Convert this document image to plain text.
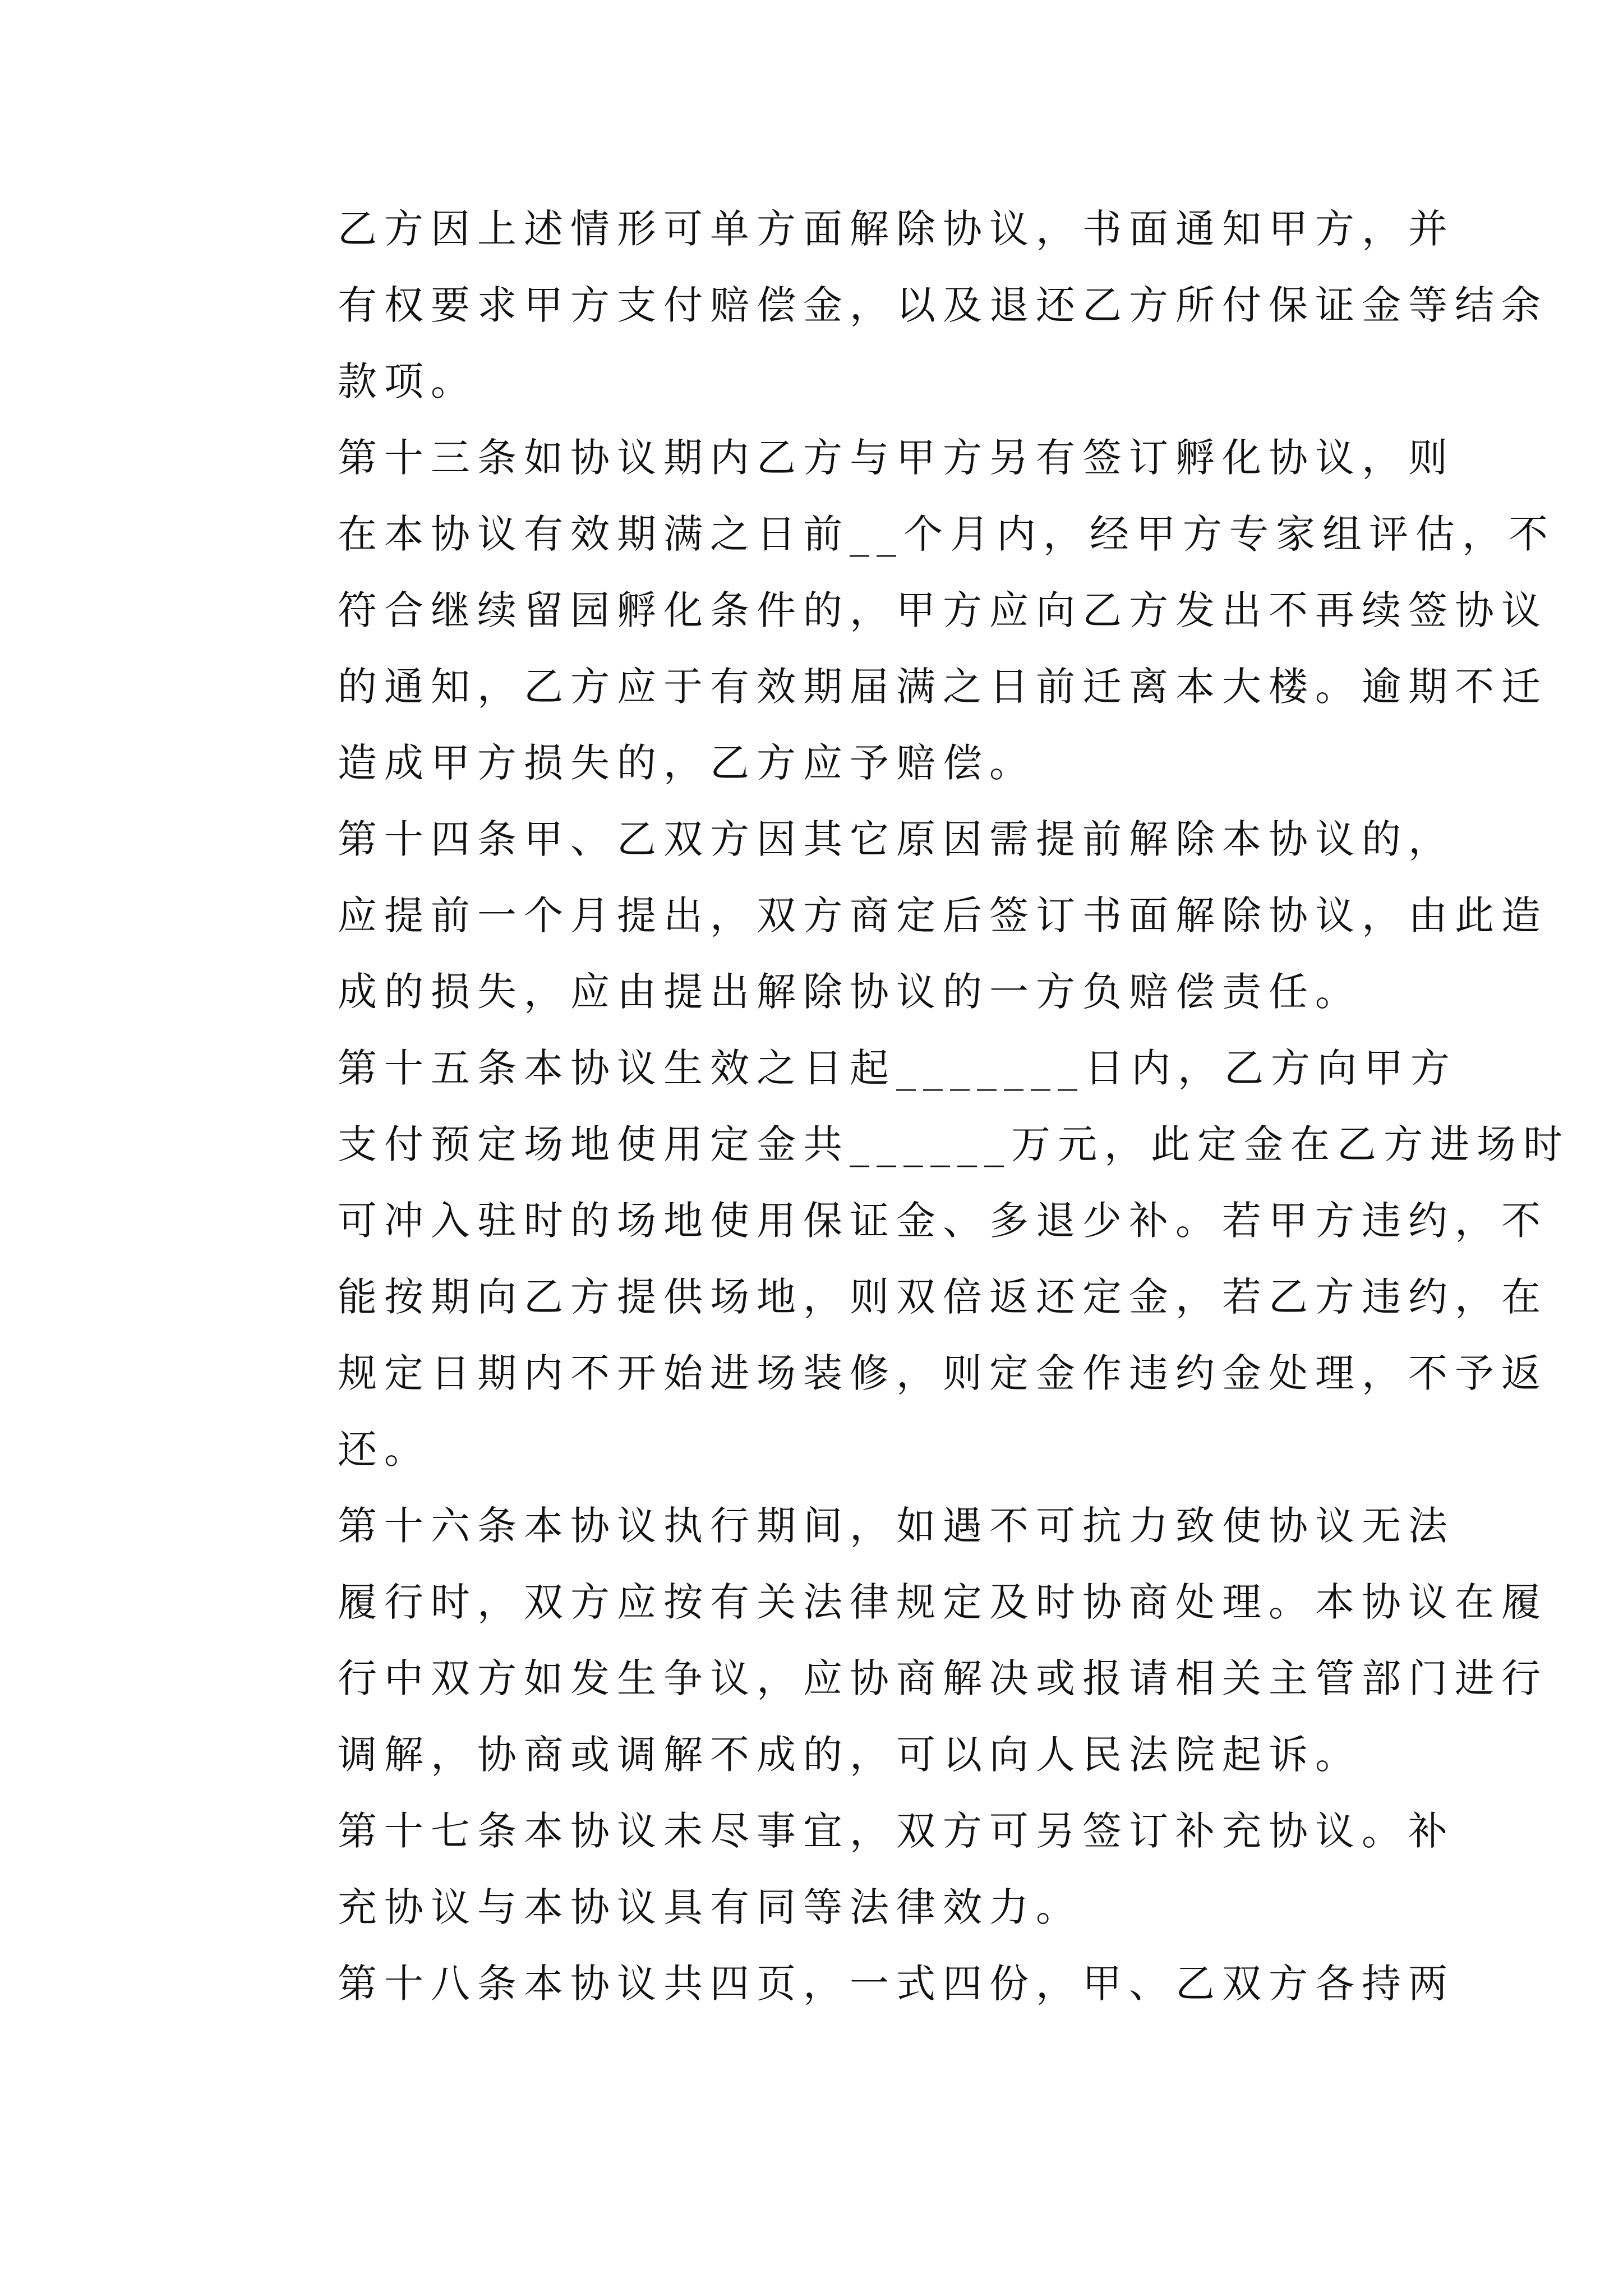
乙方因上述情形可单方面解除协议，书面通知甲方，并
有权要求甲方支付赔偿金，以及退还乙方所付保证金等结余
款项。

第十三条如协议期内乙方与甲方另有签订孵化协议，则
在本协议有效期满之日前__个月内，经甲方专家组评估，不
符合继续留园孵化条件的，甲方应向乙方发出不再续签协议
的通知，乙方应于有效期届满之日前迁离本大楼。逾期不迁
造成甲方损失的，乙方应予赔偿。

第十四条甲、乙双方因其它原因需提前解除本协议的，
应提前一个月提出，双方商定后签订书面解除协议，由此造
成的损失，应由提出解除协议的一方负赔偿责任。

第十五条本协议生效之日起_______日内，乙方向甲方
支付预定场地使用定金共______万元，此定金在乙方进场时
可冲入驻时的场地使用保证金、多退少补。若甲方违约，不
能按期向乙方提供场地，则双倍返还定金，若乙方违约，在
规定日期内不开始进场装修，则定金作违约金处理，不予返
还。

第十六条本协议执行期间，如遇不可抗力致使协议无法
履行时，双方应按有关法律规定及时协商处理。本协议在履
行中双方如发生争议，应协商解决或报请相关主管部门进行
调解，协商或调解不成的，可以向人民法院起诉。

第十七条本协议未尽事宜，双方可另签订补充协议。补
充协议与本协议具有同等法律效力。

第十八条本协议共四页，一式四份，甲、乙双方各持两
